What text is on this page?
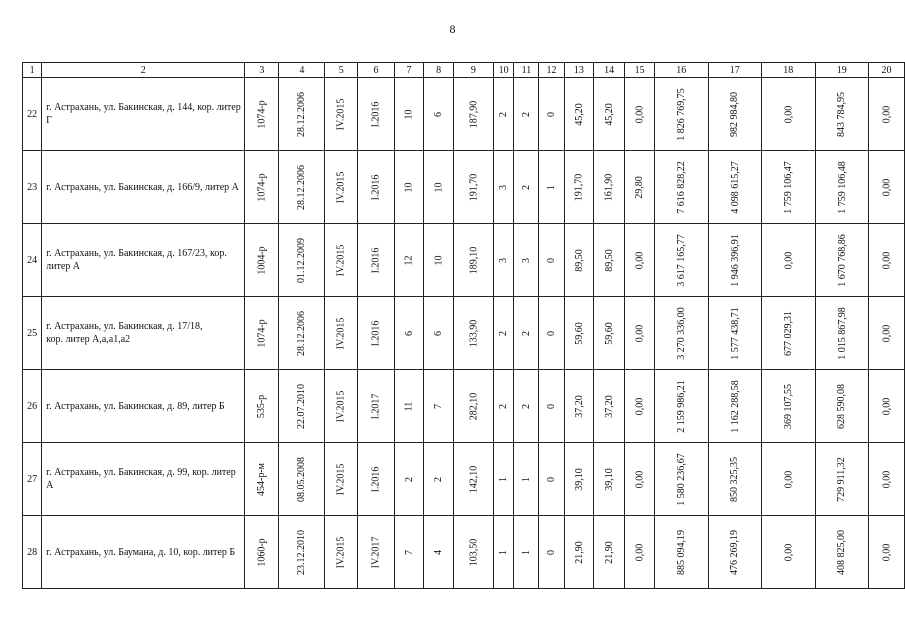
8
1	2	3	4	5	6	7	8	9	10	11	12	13	14	15	16	17	18	19	20
22	г. Астрахань, ул. Бакинская, д. 144, кор. литер Г	1074-р	28.12.2006	IV.2015	I.2016	10	6	187,90	2	2	0	45,20	45,20	0,00	1 826 769,75	982 984,80	0,00	843 784,95	0,00
23	г. Астрахань, ул. Бакинская, д. 166/9, литер А	1074-р	28.12.2006	IV.2015	I.2016	10	10	191,70	3	2	1	191,70	161,90	29,80	7 616 828,22	4 098 615,27	1 759 106,47	1 759 106,48	0,00
24	г. Астрахань, ул. Бакинская, д. 167/23, кор. литер А	1004-р	01.12.2009	IV.2015	I.2016	12	10	189,10	3	3	0	89,50	89,50	0,00	3 617 165,77	1 946 396,91	0,00	1 670 768,86	0,00
25	г. Астрахань, ул. Бакинская, д. 17/18,
кор. литер А,а,а1,а2	1074-р	28.12.2006	IV.2015	I.2016	6	6	133,90	2	2	0	59,60	59,60	0,00	3 270 336,00	1 577 438,71	677 029,31	1 015 867,98	0,00
26	г. Астрахань, ул. Бакинская, д. 89, литер Б	535-р	22.07.2010	IV.2015	I.2017	11	7	282,10	2	2	0	37,20	37,20	0,00	2 159 986,21	1 162 288,58	369 107,55	628 590,08	0,00
27	г. Астрахань, ул. Бакинская, д. 99, кор. литер А	454-р-м	08.05.2008	IV.2015	I.2016	2	2	142,10	1	1	0	39,10	39,10	0,00	1 580 236,67	850 325,35	0,00	729 911,32	0,00
28	г. Астрахань, ул. Баумана, д. 10, кор. литер Б	1060-р	23.12.2010	IV.2015	IV.2017	7	4	103,50	1	1	0	21,90	21,90	0,00	885 094,19	476 269,19	0,00	408 825,00	0,00
